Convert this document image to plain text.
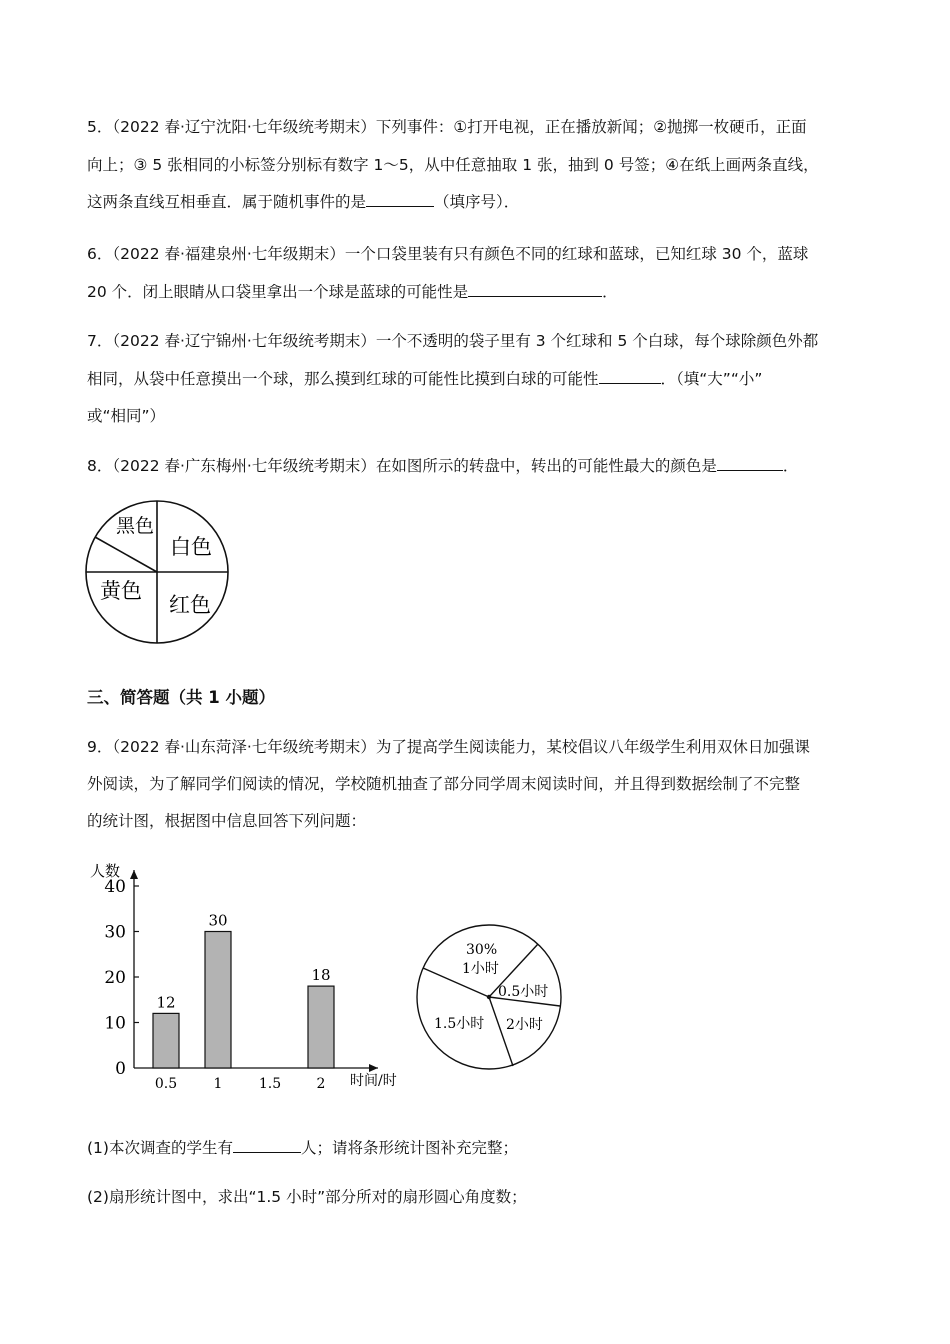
5．（2022 春·辽宁沈阳·七年级统考期末）下列事件：①打开电视，正在播放新闻；②抛掷一枚硬币，正面
向上；③ 5 张相同的小标签分别标有数字 1～5，从中任意抽取 1 张，抽到 0 号签；④在纸上画两条直线，
这两条直线互相垂直．属于随机事件的是	（填序号）．
6．（2022 春·福建泉州·七年级期末）一个口袋里装有只有颜色不同的红球和蓝球，已知红球 30 个，蓝球
20 个．闭上眼睛从口袋里拿出一个球是蓝球的可能性是	．
7．（2022 春·辽宁锦州·七年级统考期末）一个不透明的袋子里有 3 个红球和 5 个白球，每个球除颜色外都
相同，从袋中任意摸出一个球，那么摸到红球的可能性比摸到白球的可能性	．（填“大”“小”
或“相同”）
8．（2022 春·广东梅州·七年级统考期末）在如图所示的转盘中，转出的可能性最大的颜色是	．
黑色
白色
黄色
红色
三、简答题（共 1 小题）
9．（2022 春·山东菏泽·七年级统考期末）为了提高学生阅读能力，某校倡议八年级学生利用双休日加强课
外阅读，为了解同学们阅读的情况，学校随机抽查了部分同学周末阅读时间，并且得到数据绘制了不完整
的统计图，根据图中信息回答下列问题：
人数
0
10
20
30
40
0.5	1	1.5	2
12
30
18
时间/时
30%
1小时
0.5小时
2小时
1.5小时
(1)本次调查的学生有	人；请将条形统计图补充完整；
(2)扇形统计图中，求出“1.5 小时”部分所对的扇形圆心角度数；
